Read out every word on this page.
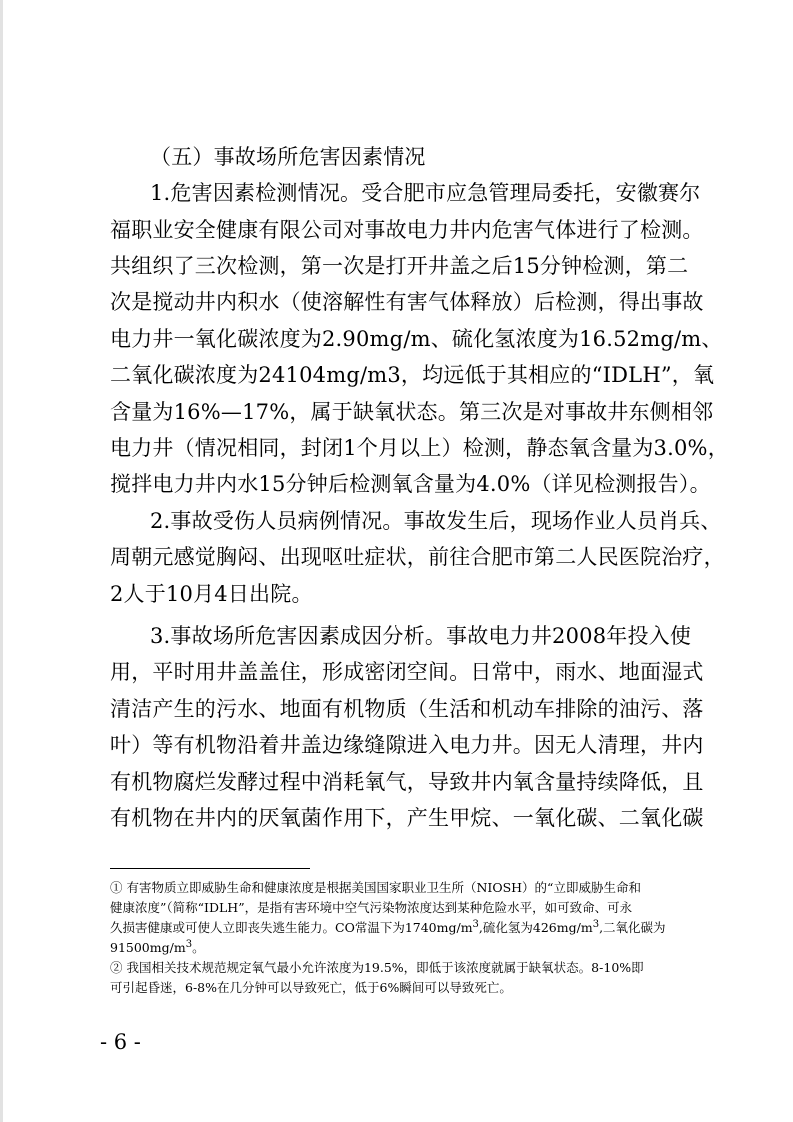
（五）事故场所危害因素情况
1.危害因素检测情况。受合肥市应急管理局委托，安徽赛尔
福职业安全健康有限公司对事故电力井内危害气体进行了检测。
共组织了三次检测，第一次是打开井盖之后15分钟检测，第二
次是搅动井内积水（使溶解性有害气体释放）后检测，得出事故
电力井一氧化碳浓度为2.90mg/m、硫化氢浓度为16.52mg/m、
二氧化碳浓度为24104mg/m3，均远低于其相应的“IDLH”，氧
含量为16%—17%，属于缺氧状态。第三次是对事故井东侧相邻
电力井（情况相同，封闭1个月以上）检测，静态氧含量为3.0%，
搅拌电力井内水15分钟后检测氧含量为4.0%（详见检测报告）。
2.事故受伤人员病例情况。事故发生后，现场作业人员肖兵、
周朝元感觉胸闷、出现呕吐症状，前往合肥市第二人民医院治疗，
2人于10月4日出院。
3.事故场所危害因素成因分析。事故电力井2008年投入使
用，平时用井盖盖住，形成密闭空间。日常中，雨水、地面湿式
清洁产生的污水、地面有机物质（生活和机动车排除的油污、落
叶）等有机物沿着井盖边缘缝隙进入电力井。因无人清理，井内
有机物腐烂发酵过程中消耗氧气，导致井内氧含量持续降低，且
有机物在井内的厌氧菌作用下，产生甲烷、一氧化碳、二氧化碳
① 有害物质立即威胁生命和健康浓度是根据美国国家职业卫生所（NIOSH）的“立即威胁生命和
健康浓度”（简称“IDLH”，是指有害环境中空气污染物浓度达到某种危险水平，如可致命、可永
久损害健康或可使人立即丧失逃生能力。CO常温下为$1740mg/m^3$,硫化氢为$426mg/m^3$,二氧化碳为
$91500mg/m^3$。
② 我国相关技术规范规定氧气最小允许浓度为19.5%，即低于该浓度就属于缺氧状态。8-10%即
可引起昏迷，6-8%在几分钟可以导致死亡，低于6%瞬间可以导致死亡。
- 6 -
